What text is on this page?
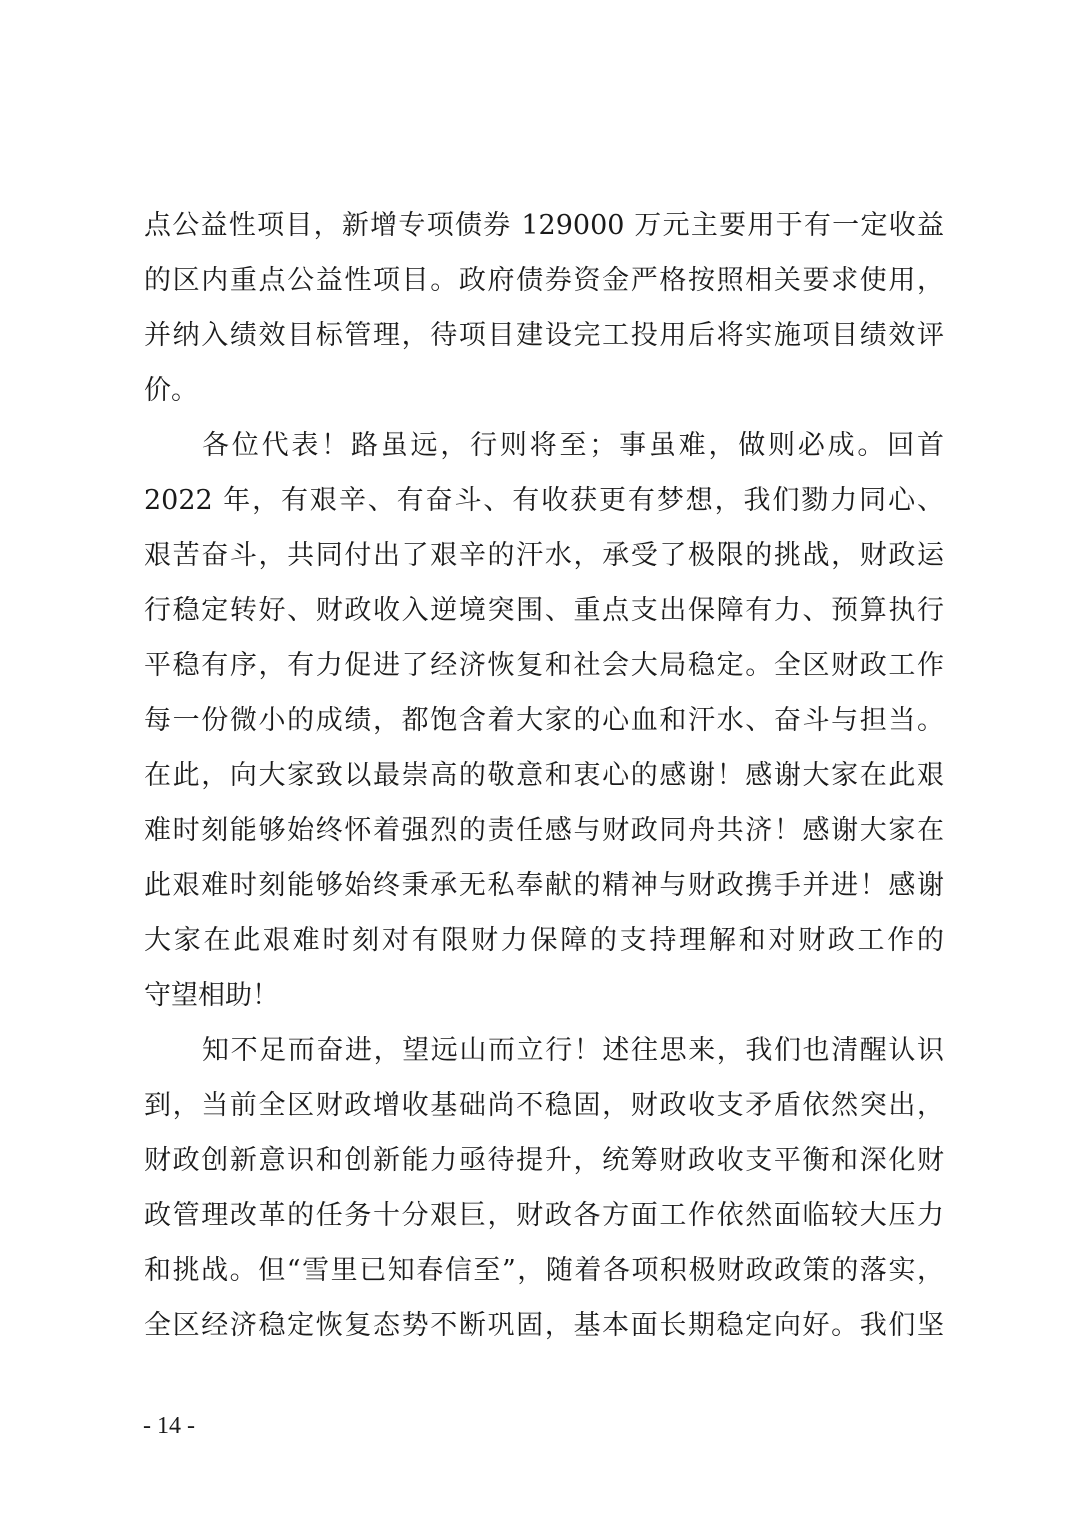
点公益性项目，新增专项债券 129000 万元主要用于有一定收益
的区内重点公益性项目。政府债券资金严格按照相关要求使用，
并纳入绩效目标管理，待项目建设完工投用后将实施项目绩效评
价。
各位代表！路虽远，行则将至；事虽难，做则必成。回首
2022 年，有艰辛、有奋斗、有收获更有梦想，我们勠力同心、
艰苦奋斗，共同付出了艰辛的汗水，承受了极限的挑战，财政运
行稳定转好、财政收入逆境突围、重点支出保障有力、预算执行
平稳有序，有力促进了经济恢复和社会大局稳定。全区财政工作
每一份微小的成绩，都饱含着大家的心血和汗水、奋斗与担当。
在此，向大家致以最崇高的敬意和衷心的感谢！感谢大家在此艰
难时刻能够始终怀着强烈的责任感与财政同舟共济！感谢大家在
此艰难时刻能够始终秉承无私奉献的精神与财政携手并进！感谢
大家在此艰难时刻对有限财力保障的支持理解和对财政工作的
守望相助！
知不足而奋进，望远山而立行！述往思来，我们也清醒认识
到，当前全区财政增收基础尚不稳固，财政收支矛盾依然突出，
财政创新意识和创新能力亟待提升，统筹财政收支平衡和深化财
政管理改革的任务十分艰巨，财政各方面工作依然面临较大压力
和挑战。但“雪里已知春信至”，随着各项积极财政政策的落实，
全区经济稳定恢复态势不断巩固，基本面长期稳定向好。我们坚
- 14 -
